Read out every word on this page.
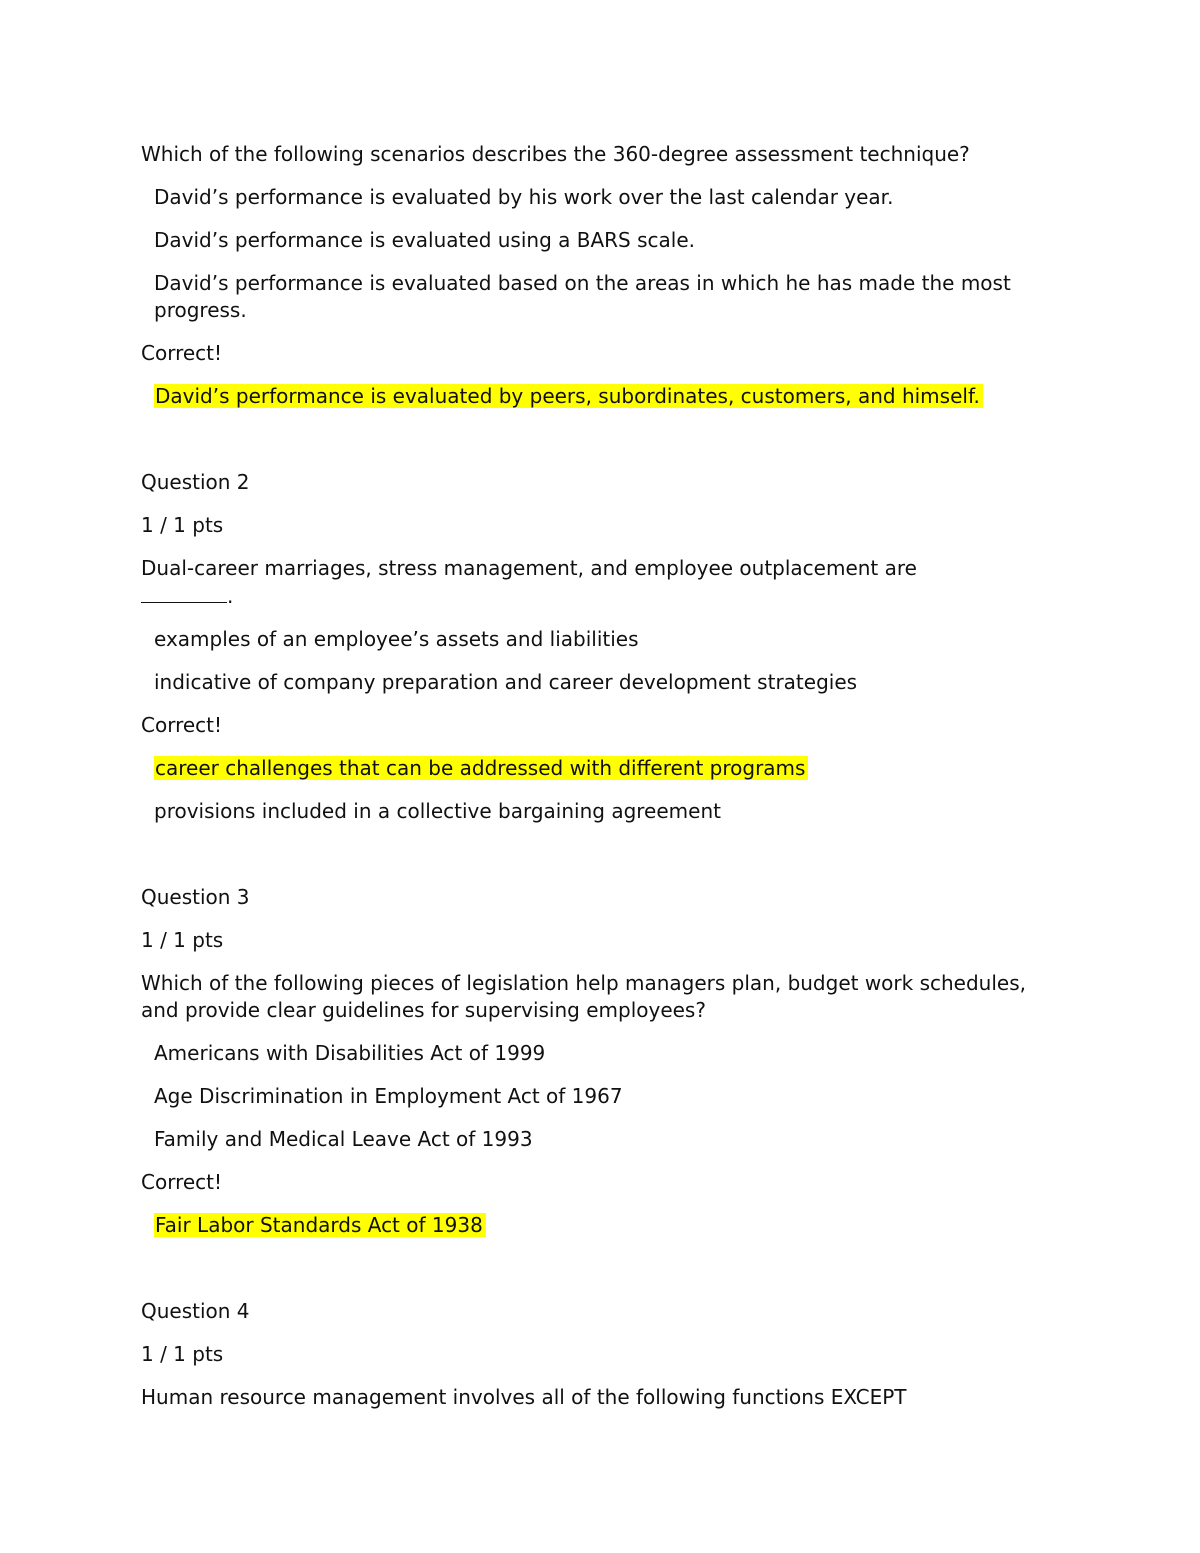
Which of the following scenarios describes the 360-degree assessment technique?

David’s performance is evaluated by his work over the last calendar year.

David’s performance is evaluated using a BARS scale.

David’s performance is evaluated based on the areas in which he has made the most progress.

Correct!

David’s performance is evaluated by peers, subordinates, customers, and himself.

Question 2

1 / 1 pts

Dual-career marriages, stress management, and employee outplacement are
.

examples of an employee’s assets and liabilities

indicative of company preparation and career development strategies

Correct!

career challenges that can be addressed with different programs

provisions included in a collective bargaining agreement

Question 3

1 / 1 pts

Which of the following pieces of legislation help managers plan, budget work schedules, and provide clear guidelines for supervising employees?

Americans with Disabilities Act of 1999

Age Discrimination in Employment Act of 1967

Family and Medical Leave Act of 1993

Correct!

Fair Labor Standards Act of 1938

Question 4

1 / 1 pts

Human resource management involves all of the following functions EXCEPT
